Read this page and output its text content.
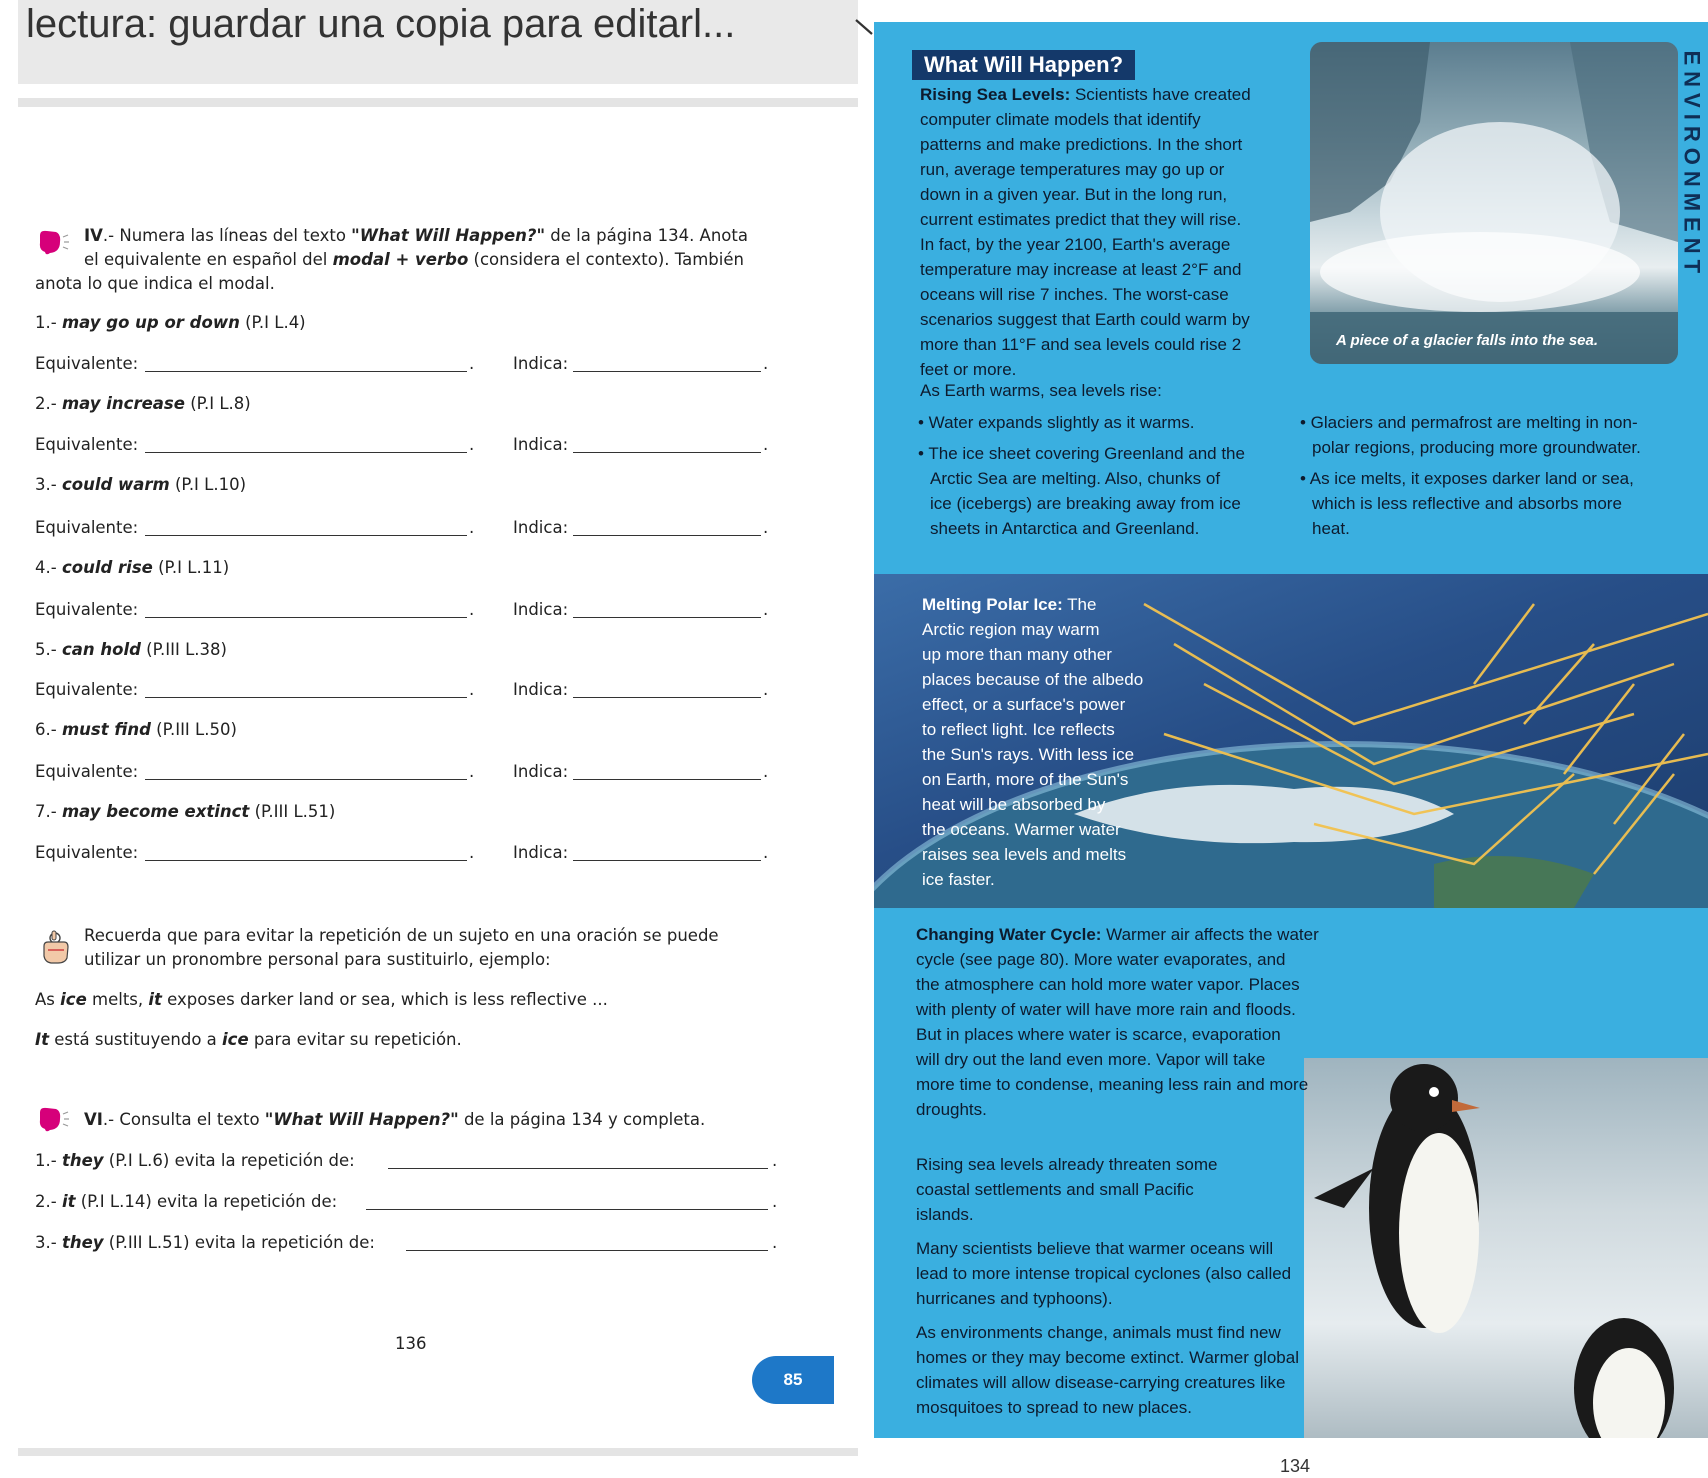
lectura: guardar una copia para editarl...
IV.- Numera las líneas del texto "What Will Happen?" de la página 134. Anota
el equivalente en español del modal + verbo (considera el contexto). También
anota lo que indica el modal.
1.- may go up or down (P.I L.4)
Equivalente:	. Indica:	.
2.- may increase (P.I L.8)
Equivalente:	. Indica:	.
3.- could warm (P.I L.10)
Equivalente:	. Indica:	.
4.- could rise (P.I L.11)
Equivalente:	. Indica:	.
5.- can hold (P.III L.38)
Equivalente:	. Indica:	.
6.- must find (P.III L.50)
Equivalente:	. Indica:	.
7.- may become extinct (P.III L.51)
Equivalente:	. Indica:	.
Recuerda que para evitar la repetición de un sujeto en una oración se puede
utilizar un pronombre personal para sustituirlo, ejemplo:
As ice melts, it exposes darker land or sea, which is less reflective ...
It está sustituyendo a ice para evitar su repetición.
VI.- Consulta el texto "What Will Happen?" de la página 134 y completa.
1.- they (P.I L.6) evita la repetición de:	.
2.- it (P.I L.14) evita la repetición de:	.
3.- they (P.III L.51) evita la repetición de:	.
136
What Will Happen?

Rising Sea Levels: Scientists have created

computer climate models that identify

patterns and make predictions. In the short

run, average temperatures may go up or

down in a given year. But in the long run,

current estimates predict that they will rise.

In fact, by the year 2100, Earth's average

temperature may increase at least 2°F and

oceans will rise 7 inches. The worst-case

scenarios suggest that Earth could warm by

more than 11°F and sea levels could rise 2

feet or more.

A piece of a glacier falls into the sea.
ENVIRONMENT
As Earth warms, sea levels rise:

• Water expands slightly as it warms.

• The ice sheet covering Greenland and the

Arctic Sea are melting. Also, chunks of

ice (icebergs) are breaking away from ice

sheets in Antarctica and Greenland.

• Glaciers and permafrost are melting in non-

polar regions, producing more groundwater.

• As ice melts, it exposes darker land or sea,

which is less reflective and absorbs more

heat.

Melting Polar Ice: The

Arctic region may warm

up more than many other

places because of the albedo

effect, or a surface's power

to reflect light. Ice reflects

the Sun's rays. With less ice

on Earth, more of the Sun's

heat will be absorbed by

the oceans. Warmer water

raises sea levels and melts

ice faster.

Changing Water Cycle: Warmer air affects the water

cycle (see page 80). More water evaporates, and

the atmosphere can hold more water vapor. Places

with plenty of water will have more rain and floods.

But in places where water is scarce, evaporation

will dry out the land even more. Vapor will take

more time to condense, meaning less rain and more

droughts.

Rising sea levels already threaten some

coastal settlements and small Pacific

islands.

Many scientists believe that warmer oceans will

lead to more intense tropical cyclones (also called

hurricanes and typhoons).

As environments change, animals must find new

homes or they may become extinct. Warmer global

climates will allow disease-carrying creatures like

mosquitoes to spread to new places.

85
134
